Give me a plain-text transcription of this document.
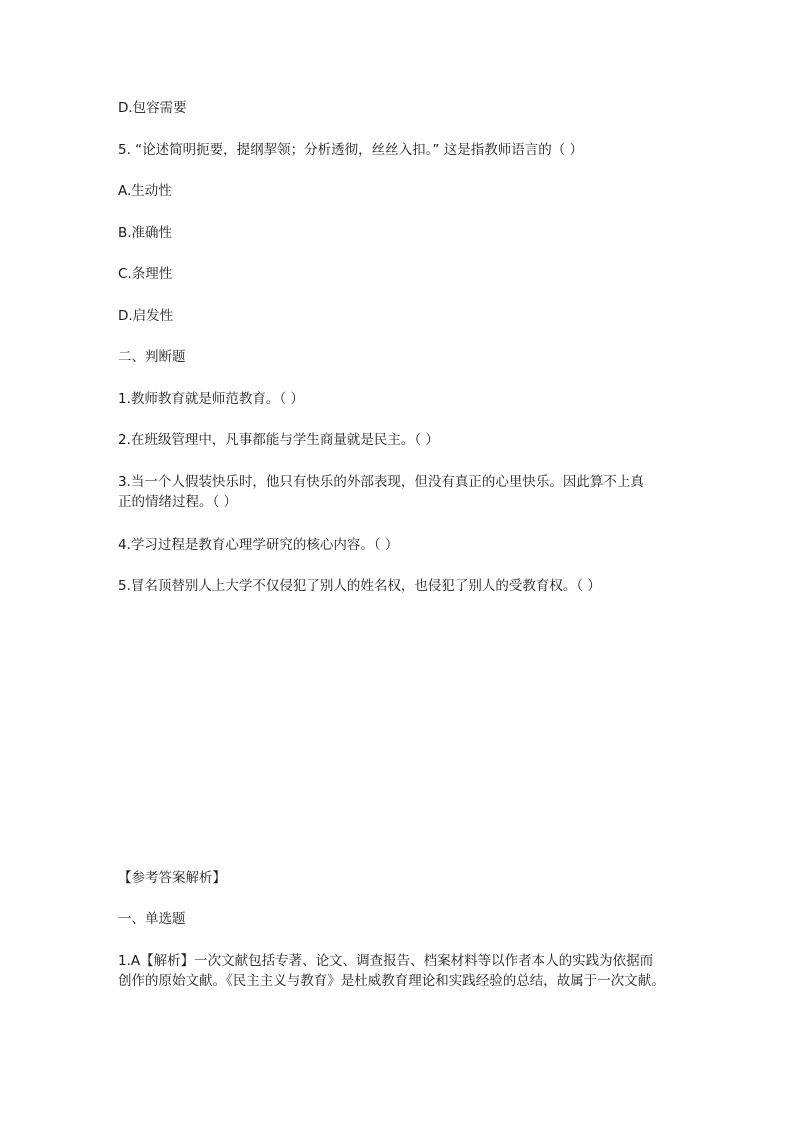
D.包容需要
5. “论述简明扼要，提纲挈领；分析透彻，丝丝入扣。” 这是指教师语言的（ ）
A.生动性
B.准确性
C.条理性
D.启发性
二、判断题
1.教师教育就是师范教育。（ ）
2.在班级管理中，凡事都能与学生商量就是民主。（ ）
3.当一个人假装快乐时，他只有快乐的外部表现，但没有真正的心里快乐。因此算不上真
正的情绪过程。（ ）
4.学习过程是教育心理学研究的核心内容。（ ）
5.冒名顶替别人上大学不仅侵犯了别人的姓名权，也侵犯了别人的受教育权。（ ）
【参考答案解析】
一、单选题
1.A【解析】一次文献包括专著、论文、调查报告、档案材料等以作者本人的实践为依据而
创作的原始文献。《民主主义与教育》是杜威教育理论和实践经验的总结，故属于一次文献。
